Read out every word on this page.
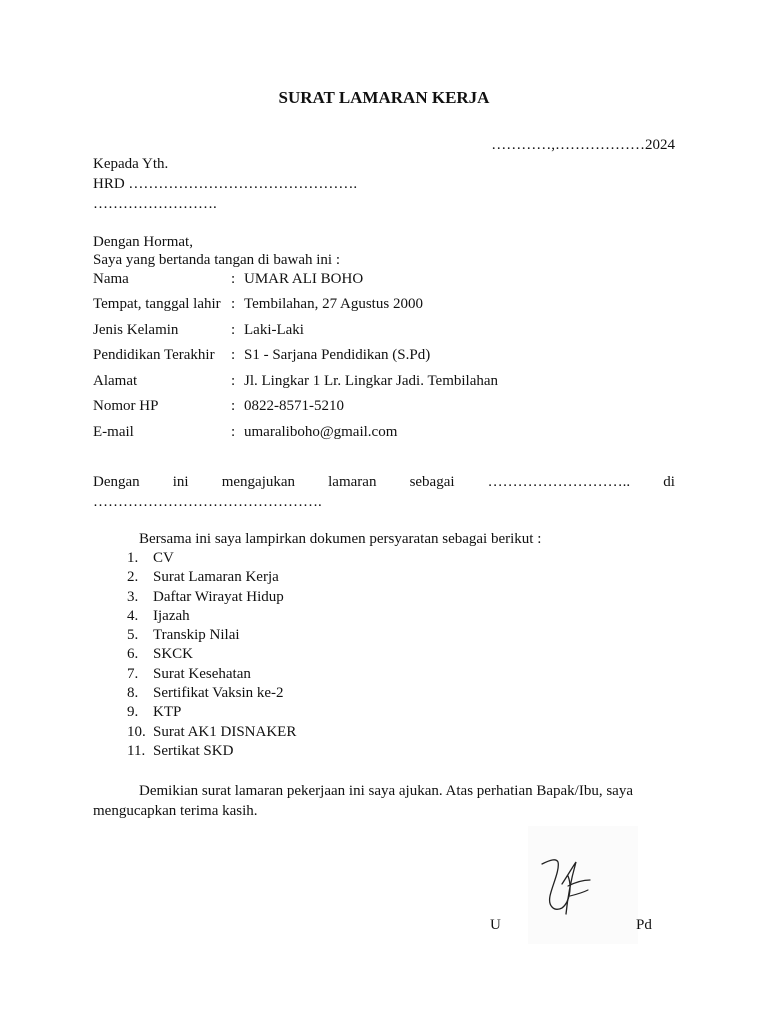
SURAT LAMARAN KERJA
…………,………………2024
Kepada Yth.
HRD ……………………………………….
…………………….
Dengan Hormat,
Saya yang bertanda tangan di bawah ini :
Nama	: UMAR ALI BOHO
Tempat, tanggal lahir : Tembilahan, 27 Agustus 2000
Jenis Kelamin	: Laki-Laki
Pendidikan Terakhir : S1 - Sarjana Pendidikan (S.Pd)
Alamat	: Jl. Lingkar 1 Lr. Lingkar Jadi. Tembilahan
Nomor HP	: 0822-8571-5210
E-mail	: umaraliboho@gmail.com
Dengan ini mengajukan lamaran sebagai ……………………….. di
……………………………………….
Bersama ini saya lampirkan dokumen persyaratan sebagai berikut :
1. CV
2. Surat Lamaran Kerja
3. Daftar Wirayat Hidup
4. Ijazah
5. Transkip Nilai
6. SKCK
7. Surat Kesehatan
8. Sertifikat Vaksin ke-2
9. KTP
10. Surat AK1 DISNAKER
11. Sertikat SKD
Demikian surat lamaran pekerjaan ini saya ajukan. Atas perhatian Bapak/Ibu, saya mengucapkan terima kasih.
U	Pd
